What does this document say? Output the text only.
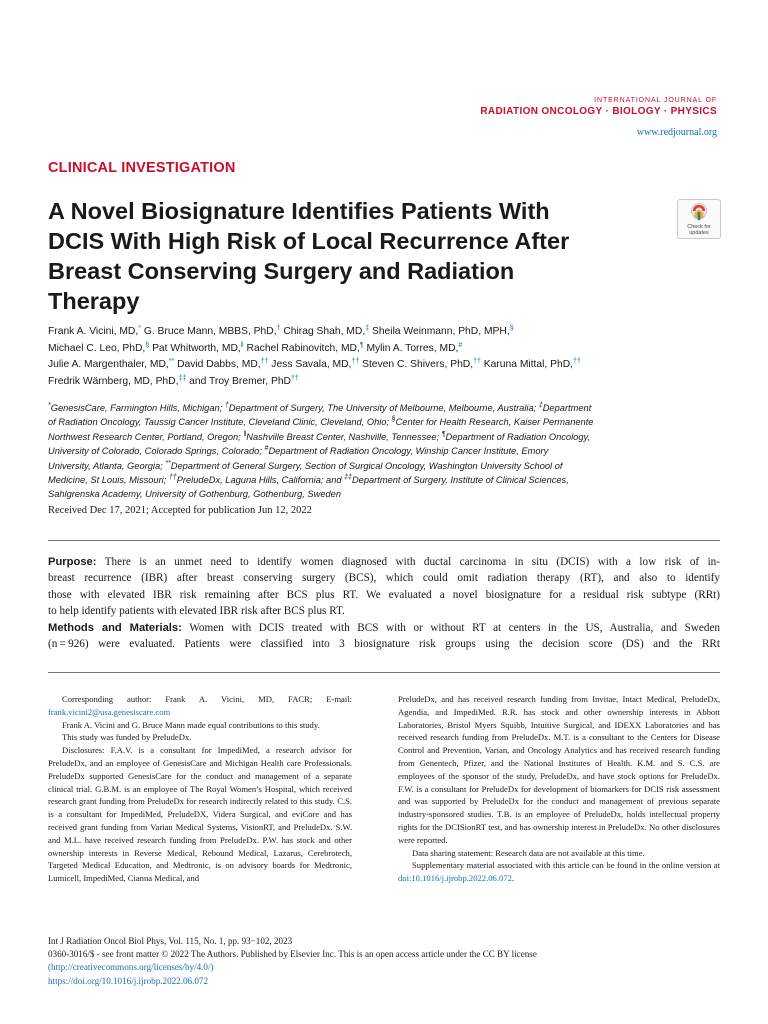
INTERNATIONAL JOURNAL OF
RADIATION ONCOLOGY · BIOLOGY · PHYSICS
www.redjournal.org
CLINICAL INVESTIGATION
A Novel Biosignature Identifies Patients With
DCIS With High Risk of Local Recurrence After
Breast Conserving Surgery and Radiation
Therapy
Check for
updates
Frank A. Vicini, MD,* G. Bruce Mann, MBBS, PhD,† Chirag Shah, MD,‡ Sheila Weinmann, PhD, MPH,§
Michael C. Leo, PhD,§ Pat Whitworth, MD,‖ Rachel Rabinovitch, MD,¶ Mylin A. Torres, MD,#
Julie A. Margenthaler, MD,** David Dabbs, MD,†† Jess Savala, MD,†† Steven C. Shivers, PhD,†† Karuna Mittal, PhD,††
Fredrik Wärnberg, MD, PhD,‡‡ and Troy Bremer, PhD††
*GenesisCare, Farmington Hills, Michigan; †Department of Surgery, The University of Melbourne, Melbourne, Australia; ‡Department
of Radiation Oncology, Taussig Cancer Institute, Cleveland Clinic, Cleveland, Ohio; §Center for Health Research, Kaiser Permanente
Northwest Research Center, Portland, Oregon; ‖Nashville Breast Center, Nashville, Tennessee; ¶Department of Radiation Oncology,
University of Colorado, Colorado Springs, Colorado; #Department of Radiation Oncology, Winship Cancer Institute, Emory
University, Atlanta, Georgia; **Department of General Surgery, Section of Surgical Oncology, Washington University School of
Medicine, St Louis, Missouri; ††PreludeDx, Laguna Hills, California; and ‡‡Department of Surgery, Institute of Clinical Sciences,
Sahlgrenska Academy, University of Gothenburg, Gothenburg, Sweden
Received Dec 17, 2021; Accepted for publication Jun 12, 2022
Purpose: There is an unmet need to identify women diagnosed with ductal carcinoma in situ (DCIS) with a low risk of in-
breast recurrence (IBR) after breast conserving surgery (BCS), which could omit radiation therapy (RT), and also to identify
those with elevated IBR risk remaining after BCS plus RT. We evaluated a novel biosignature for a residual risk subtype (RRt)
to help identify patients with elevated IBR risk after BCS plus RT.
Methods and Materials: Women with DCIS treated with BCS with or without RT at centers in the US, Australia, and Sweden
(n = 926) were evaluated. Patients were classified into 3 biosignature risk groups using the decision score (DS) and the RRt

Corresponding author: Frank A. Vicini, MD, FACR; E-mail: frank.vicini2@usa.genesiscare.com

Frank A. Vicini and G. Bruce Mann made equal contributions to this study.

This study was funded by PreludeDx.

Disclosures: F.A.V. is a consultant for ImpediMed, a research advisor for PreludeDx, and an employee of GenesisCare and Michigan Health care Professionals. PreludeDx supported GenesisCare for the conduct and management of a separate clinical trial. G.B.M. is an employee of The Royal Women’s Hospital, which received research grant funding from PreludeDx for research indirectly related to this study. C.S. is a consultant for ImpediMed, PreludeDX, Videra Surgical, and eviCore and has received grant funding from Varian Medical Systems, VisionRT, and PreludeDx. S.W. and M.L. have received research funding from PreludeDx. P.W. has stock and other ownership interests in Reverse Medical, Rebound Medical, Lazarus, Cerebrotech, Targeted Medical Education, and Medtronic, is on advisory boards for Medtronic, Lumicell, ImpediMed, Cianna Medical, and

PreludeDx, and has received research funding from Invitae, Intact Medical, PreludeDx, Agendia, and ImpediMed. R.R. has stock and other ownership interests in Abbott Laboratories, Bristol Myers Squibb, Intuitive Surgical, and IDEXX Laboratories and has received research funding from PreludeDx. M.T. is a consultant to the Centers for Disease Control and Prevention, Varian, and Oncology Analytics and has received research funding from Genentech, Pfizer, and the National Institutes of Health. K.M. and S. C.S. are employees of the sponsor of the study, PreludeDx, and have stock options for PreludeDx. F.W. is a consultant for PreludeDx for development of biomarkers for DCIS risk assessment and was supported by PreludeDx for the conduct and management of previous separate industry-sponsored studies. T.B. is an employee of PreludeDx, holds intellectual property rights for the DCISionRT test, and has ownership interest in PreludeDx. No other disclosures were reported.

Data sharing statement: Research data are not available at this time.

Supplementary material associated with this article can be found in the online version at doi:10.1016/j.ijrobp.2022.06.072.

Int J Radiation Oncol Biol Phys, Vol. 115, No. 1, pp. 93−102, 2023
0360-3016/$ - see front matter © 2022 The Authors. Published by Elsevier Inc. This is an open access article under the CC BY license
(http://creativecommons.org/licenses/by/4.0/)
https://doi.org/10.1016/j.ijrobp.2022.06.072
